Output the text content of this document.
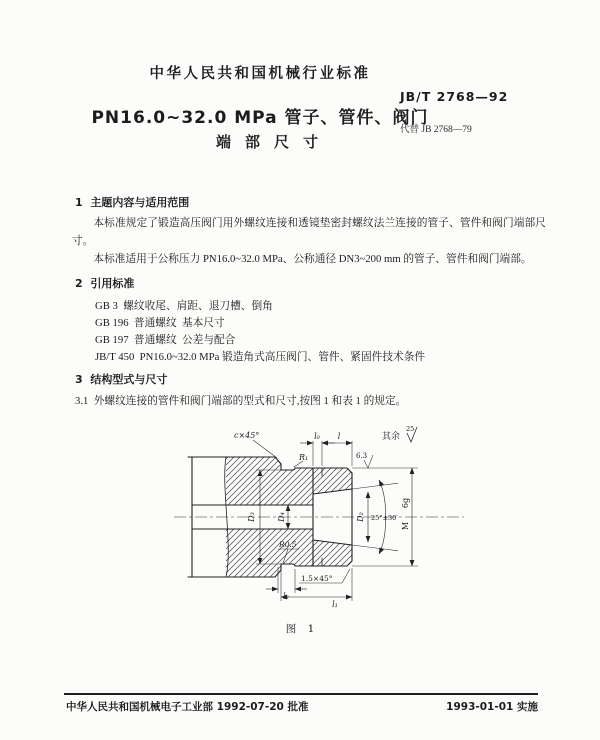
中华人民共和国机械行业标准
PN16.0~32.0 MPa 管子、管件、阀门
端部尺寸
JB/T 2768—92
代替 JB 2768—79
1  主题内容与适用范围
本标准规定了锻造高压阀门用外螺纹连接和透镜垫密封螺纹法兰连接的管子、管件和阀门端部尺寸。
本标准适用于公称压力 PN16.0~32.0 MPa、公称通径 DN3~200 mm 的管子、管件和阀门端部。
2  引用标准
GB 3  螺纹收尾、肩距、退刀槽、倒角
GB 196  普通螺纹  基本尺寸
GB 197  普通螺纹  公差与配合
JB/T 450  PN16.0~32.0 MPa 锻造角式高压阀门、管件、紧固件技术条件
3  结构型式与尺寸
3.1  外螺纹连接的管件和阀门端部的型式和尺寸,按图 1 和表 1 的规定。
c×45°
R₁
l₀ l
6.3
其余
25
D₃	D₄	D₂ 25°±30′
M
6g
R0.5
1.5×45°
l₂
l₁
图 1
中华人民共和国机械电子工业部 1992-07-20 批准	1993-01-01 实施
